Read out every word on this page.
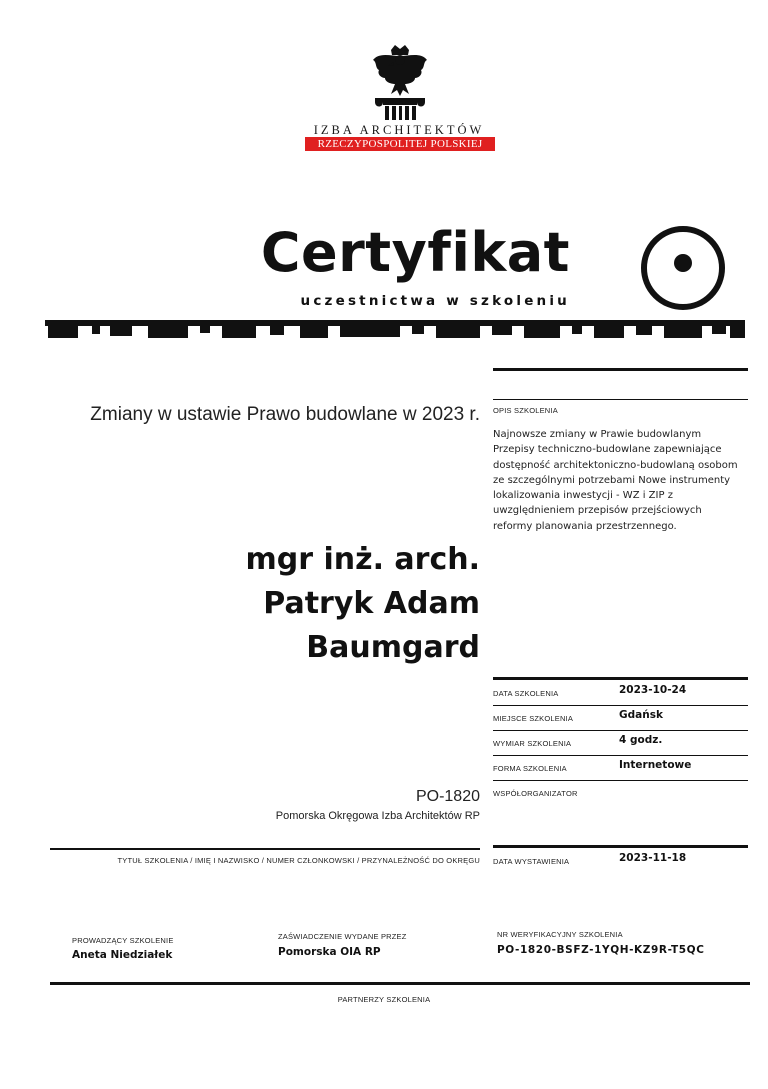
IZBA ARCHITEKTÓW
RZECZYPOSPOLITEJ POLSKIEJ
Certyfikat
uczestnictwa w szkoleniu
Zmiany w ustawie Prawo budowlane w 2023 r.
mgr inż. arch.
Patryk Adam
Baumgard
PO-1820
Pomorska Okręgowa Izba Architektów RP
TYTUŁ SZKOLENIA / IMIĘ I NAZWISKO / NUMER CZŁONKOWSKI / PRZYNALEŻNOŚĆ DO OKRĘGU
OPIS SZKOLENIA
Najnowsze zmiany w Prawie budowlanym Przepisy techniczno-budowlane zapewniające dostępność architektoniczno-budowlaną osobom ze szczególnymi potrzebami Nowe instrumenty lokalizowania inwestycji - WZ i ZIP z uwzględnieniem przepisów przejściowych reformy planowania przestrzennego.
DATA SZKOLENIA	2023-10-24
MIEJSCE SZKOLENIA	Gdańsk
WYMIAR SZKOLENIA	4 godz.
FORMA SZKOLENIA	Internetowe
WSPÓŁORGANIZATOR
DATA WYSTAWIENIA	2023-11-18
PROWADZĄCY SZKOLENIE
Aneta Niedziałek
ZAŚWIADCZENIE WYDANE PRZEZ
Pomorska OIA RP
NR WERYFIKACYJNY SZKOLENIA
PO-1820-BSFZ-1YQH-KZ9R-T5QC
PARTNERZY SZKOLENIA
